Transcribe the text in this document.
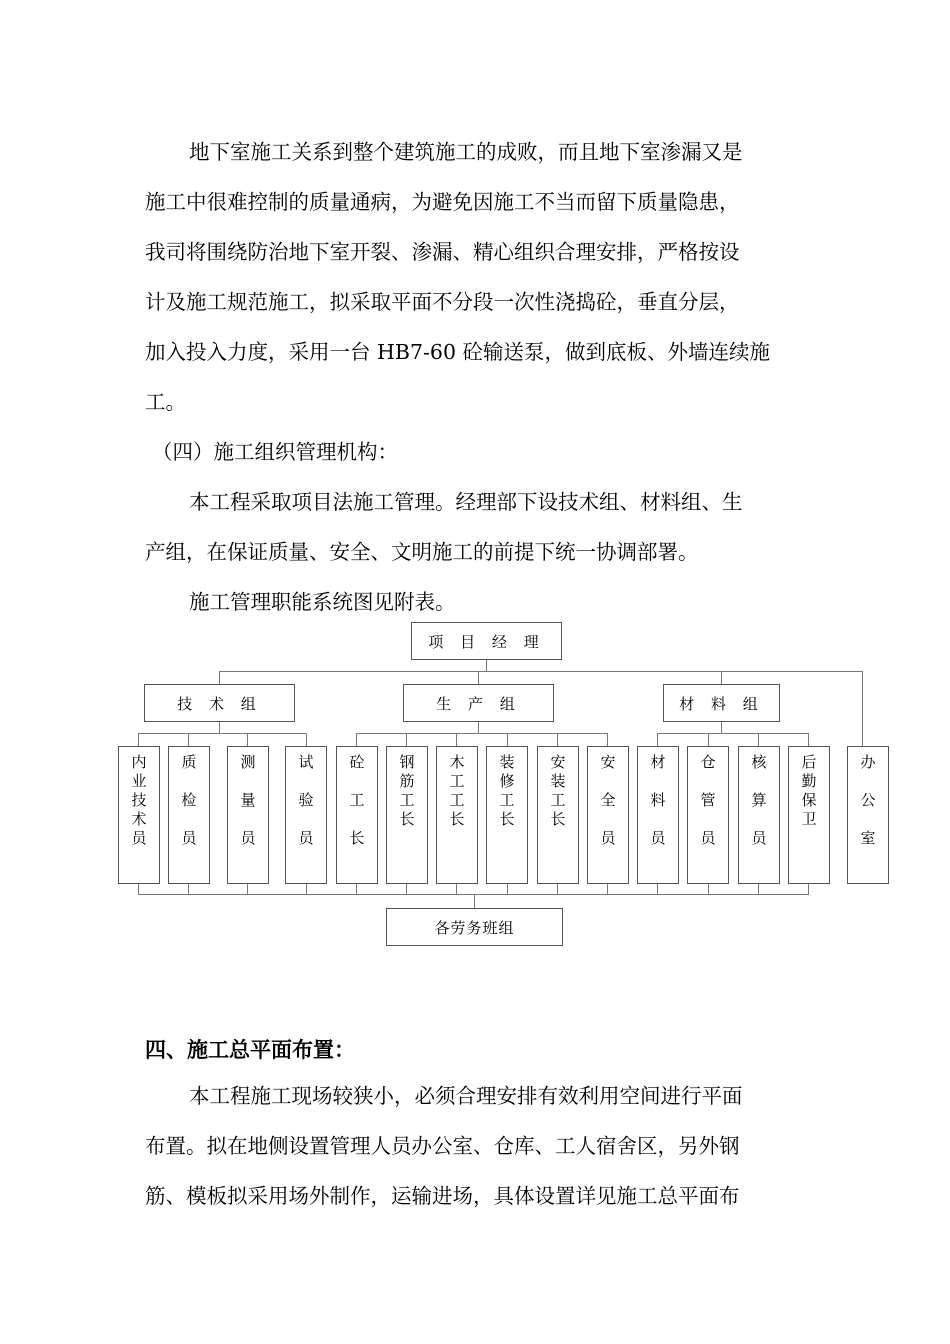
地下室施工关系到整个建筑施工的成败，而且地下室渗漏又是
施工中很难控制的质量通病，为避免因施工不当而留下质量隐患，
我司将围绕防治地下室开裂、渗漏、精心组织合理安排，严格按设
计及施工规范施工，拟采取平面不分段一次性浇捣砼，垂直分层，
加入投入力度，采用一台 HB7-60 砼输送泵，做到底板、外墙连续施
工。
（四）施工组织管理机构：
本工程采取项目法施工管理。经理部下设技术组、材料组、生
产组，在保证质量、安全、文明施工的前提下统一协调部署。
施工管理职能系统图见附表。
项 目 经 理
技 术 组	生 产 组	材 料 组
内
业
技
术
员
质

检

员
测

量

员
试

验

员
砼

工

长
钢
筋
工
长
木
工
工
长
装
修
工
长
安
装
工
长
安

全

员
材

料

员
仓

管

员
核

算

员
后
勤
保
卫
办

公

室
各劳务班组
四、施工总平面布置：
本工程施工现场较狭小，必须合理安排有效利用空间进行平面
布置。拟在地侧设置管理人员办公室、仓库、工人宿舍区，另外钢
筋、模板拟采用场外制作，运输进场，具体设置详见施工总平面布
